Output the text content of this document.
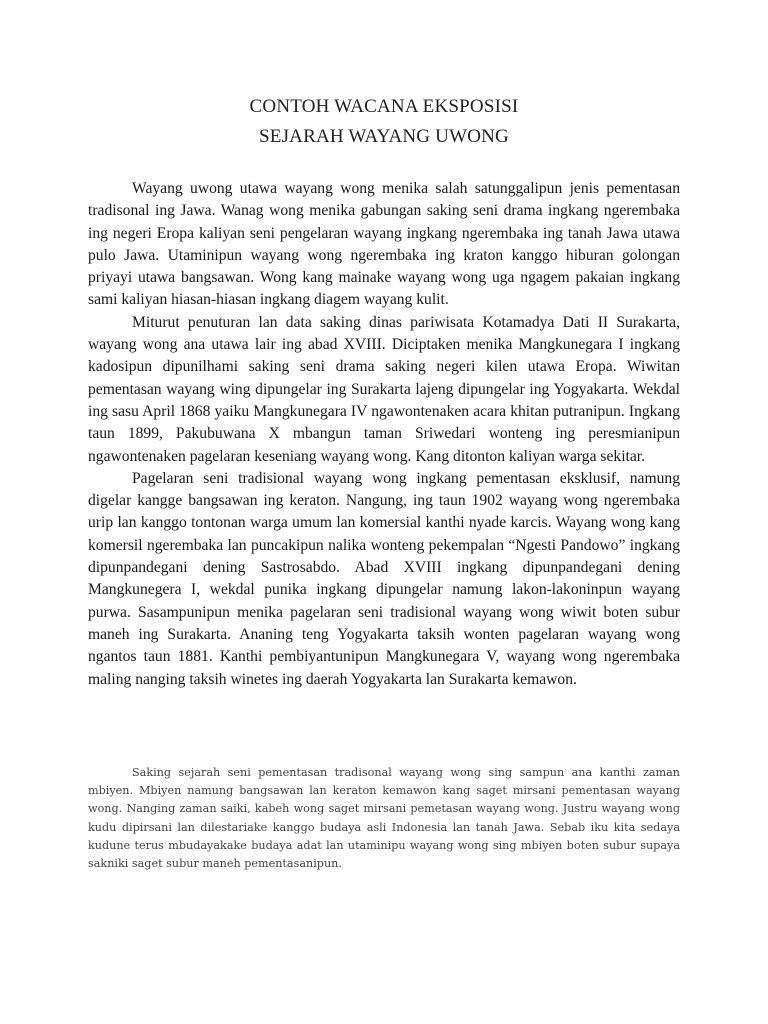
CONTOH WACANA EKSPOSISI
SEJARAH WAYANG UWONG

Wayang uwong utawa wayang wong menika salah satunggalipun jenis pementasan tradisonal ing Jawa. Wanag wong menika gabungan saking seni drama ingkang ngerembaka ing negeri Eropa kaliyan seni pengelaran wayang ingkang ngerembaka ing tanah Jawa utawa pulo Jawa. Utaminipun wayang wong ngerembaka ing kraton kanggo hiburan golongan priyayi utawa bangsawan. Wong kang mainake wayang wong uga ngagem pakaian ingkang sami kaliyan hiasan-hiasan ingkang diagem wayang kulit.

Miturut penuturan lan data saking dinas pariwisata Kotamadya Dati II Surakarta, wayang wong ana utawa lair ing abad XVIII. Diciptaken menika Mangkunegara I ingkang kadosipun dipunilhami saking seni drama saking negeri kilen utawa Eropa. Wiwitan pementasan wayang wing dipungelar ing Surakarta lajeng dipungelar ing Yogyakarta. Wekdal ing sasu April 1868 yaiku Mangkunegara IV ngawontenaken acara khitan putranipun. Ingkang taun 1899, Pakubuwana X mbangun taman Sriwedari wonteng ing peresmianipun ngawontenaken pagelaran keseniang wayang wong. Kang ditonton kaliyan warga sekitar.

Pagelaran seni tradisional wayang wong ingkang pementasan eksklusif, namung digelar kangge bangsawan ing keraton. Nangung, ing taun 1902 wayang wong ngerembaka urip lan kanggo tontonan warga umum lan komersial kanthi nyade karcis. Wayang wong kang komersil ngerembaka lan puncakipun nalika wonteng pekempalan “Ngesti Pandowo” ingkang dipunpandegani dening Sastrosabdo. Abad XVIII ingkang dipunpandegani dening Mangkunegera I, wekdal punika ingkang dipungelar namung lakon-lakoninpun wayang purwa. Sasampunipun menika pagelaran seni tradisional wayang wong wiwit boten subur maneh ing Surakarta. Ananing teng Yogyakarta taksih wonten pagelaran wayang wong ngantos taun 1881. Kanthi pembiyantunipun Mangkunegara V, wayang wong ngerembaka maling nanging taksih winetes ing daerah Yogyakarta lan Surakarta kemawon.

Saking sejarah seni pementasan tradisonal wayang wong sing sampun ana kanthi zaman mbiyen. Mbiyen namung bangsawan lan keraton kemawon kang saget mirsani pementasan wayang wong. Nanging zaman saiki, kabeh wong saget mirsani pemetasan wayang wong. Justru wayang wong kudu dipirsani lan dilestariake kanggo budaya asli Indonesia lan tanah Jawa. Sebab iku kita sedaya kudune terus mbudayakake budaya adat lan utaminipu wayang wong sing mbiyen boten subur supaya sakniki saget subur maneh pementasanipun.
